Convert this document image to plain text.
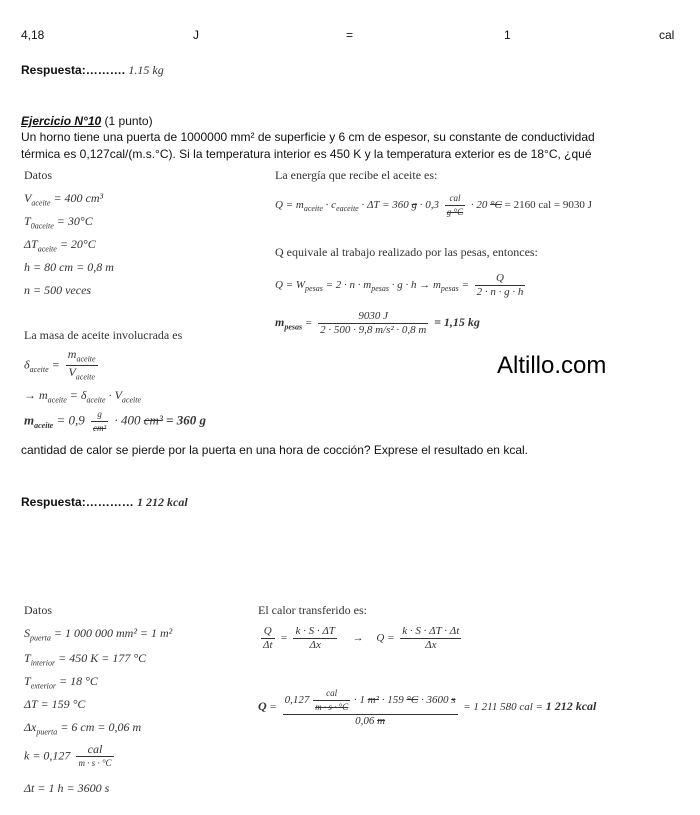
4,18	J	=	1	cal
Respuesta:………. 1.15 kg
Ejercicio N°10 (1 punto)
Un horno tiene una puerta de 1000000 mm² de superficie y 6 cm de espesor, su constante de conductividad
térmica es 0,127cal/(m.s.°C). Si la temperatura interior es 450 K y la temperatura exterior es de 18°C, ¿qué
Datos
$V_{aceite} = 400$ cm³
$T_{0aceite} = 30^\circ C$
$\Delta T_{aceite} = 20^\circ C$
h = 80 cm = 0,8 m
n = 500 veces
La masa de aceite involucrada es
$\delta_{aceite} = \frac{m_{aceite}}{V_{aceite}}$
→ $m_{aceite} = \delta_{aceite} \cdot V_{aceite}$
$m_{aceite} = 0,9 \frac{g}{\text{cm³}} \cdot 400$ cm³ = 360 g
La energía que recibe el aceite es:
$Q = m_{aceite} \cdot c_{eaceite} \cdot \Delta T = 360$ $g \cdot 0,3 \frac{\text{cal}}{g ^\circ C} \cdot 20$ °C = 2160 cal = 9030 J
Q equivale al trabajo realizado por las pesas, entonces:
$Q = W_{pesas} = 2 \cdot n \cdot m_{pesas} \cdot g \cdot h \to m_{pesas} = \frac{Q}{2 \cdot n \cdot g \cdot h}$
$m_{pesas} = \frac{9030 J}{\text{2 · 500 · 9,8 m/s² · 0,8 m}} = 1,15$ kg
Altillo.com
cantidad de calor se pierde por la puerta en una hora de cocción? Exprese el resultado en kcal.
Respuesta:………… 1 212 kcal
Datos
$S_{puerta} = 1$ 000 000 mm² = 1 m²
$T_{interior} = 450$ K = 177 °C
$T_{exterior} = 18$ °C
ΔT = 159 °C
$\Delta x_{puerta} = 6$ cm = 0,06 m
$k = 0,127 \frac{\text{cal}}{m \cdot s \cdot ^\circ C}$
Δt = 1 h = 3600 s
El calor transferido es:
$\frac{Q}{\Delta t} = \frac{k \cdot S \cdot \Delta T}{\Delta x} \to Q = \frac{k \cdot S \cdot \Delta T \cdot \Delta t}{\Delta x}$
$Q = \frac{0,127 \frac{\text{cal}}{m \cdot s \cdot ^\circ C} \cdot 1 m^2 \cdot 159 ^\circ C \cdot 3600 s}{0,06 m} = 1$ 211 580 cal = 1 212 kcal
